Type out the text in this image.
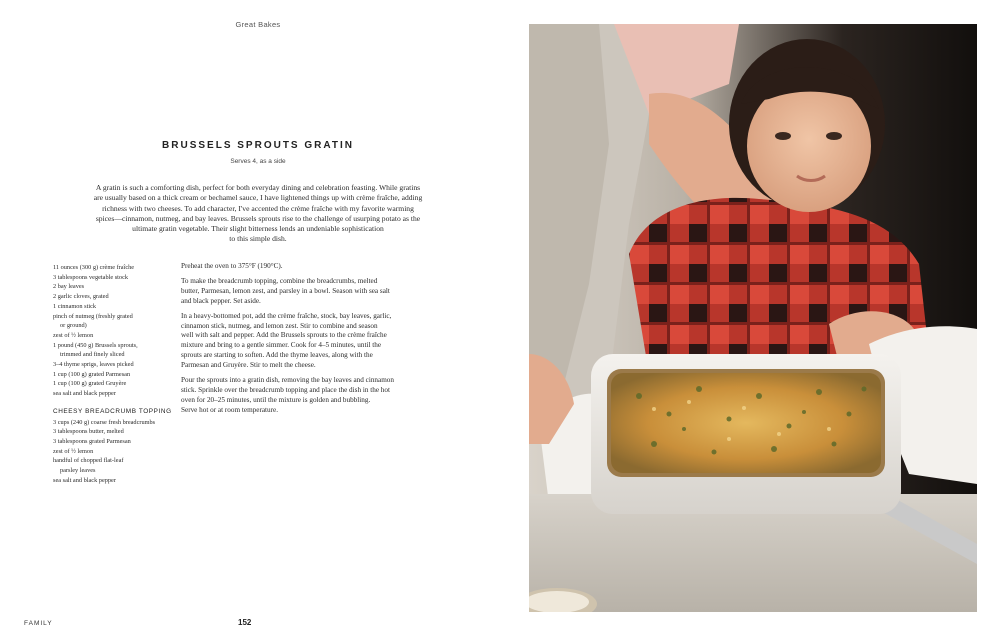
Great Bakes
BRUSSELS SPROUTS GRATIN
Serves 4, as a side
A gratin is such a comforting dish, perfect for both everyday dining and celebration feasting. While gratins
are usually based on a thick cream or bechamel sauce, I have lightened things up with crème fraîche, adding
richness with two cheeses. To add character, I've accented the crème fraîche with my favorite warming
spices—cinnamon, nutmeg, and bay leaves. Brussels sprouts rise to the challenge of usurping potato as the
ultimate gratin vegetable. Their slight bitterness lends an undeniable sophistication
to this simple dish.
11 ounces (300 g) crème fraîche
3 tablespoons vegetable stock
2 bay leaves
2 garlic cloves, grated
1 cinnamon stick
pinch of nutmeg (freshly grated
or ground)
zest of ½ lemon
1 pound (450 g) Brussels sprouts,
trimmed and finely sliced
3–4 thyme sprigs, leaves picked
1 cup (100 g) grated Parmesan
1 cup (100 g) grated Gruyère
sea salt and black pepper
CHEESY BREADCRUMB TOPPING
3 cups (240 g) coarse fresh breadcrumbs
3 tablespoons butter, melted
3 tablespoons grated Parmesan
zest of ½ lemon
handful of chopped flat-leaf
parsley leaves
sea salt and black pepper

Preheat the oven to 375°F (190°C).

To make the breadcrumb topping, combine the breadcrumbs, melted
butter, Parmesan, lemon zest, and parsley in a bowl. Season with sea salt
and black pepper. Set aside.

In a heavy-bottomed pot, add the crème fraîche, stock, bay leaves, garlic,
cinnamon stick, nutmeg, and lemon zest. Stir to combine and season
well with salt and pepper. Add the Brussels sprouts to the crème fraîche
mixture and bring to a gentle simmer. Cook for 4–5 minutes, until the
sprouts are starting to soften. Add the thyme leaves, along with the
Parmesan and Gruyère. Stir to melt the cheese.

Pour the sprouts into a gratin dish, removing the bay leaves and cinnamon
stick. Sprinkle over the breadcrumb topping and place the dish in the hot
oven for 20–25 minutes, until the mixture is golden and bubbling.
Serve hot or at room temperature.

FAMILY	152
